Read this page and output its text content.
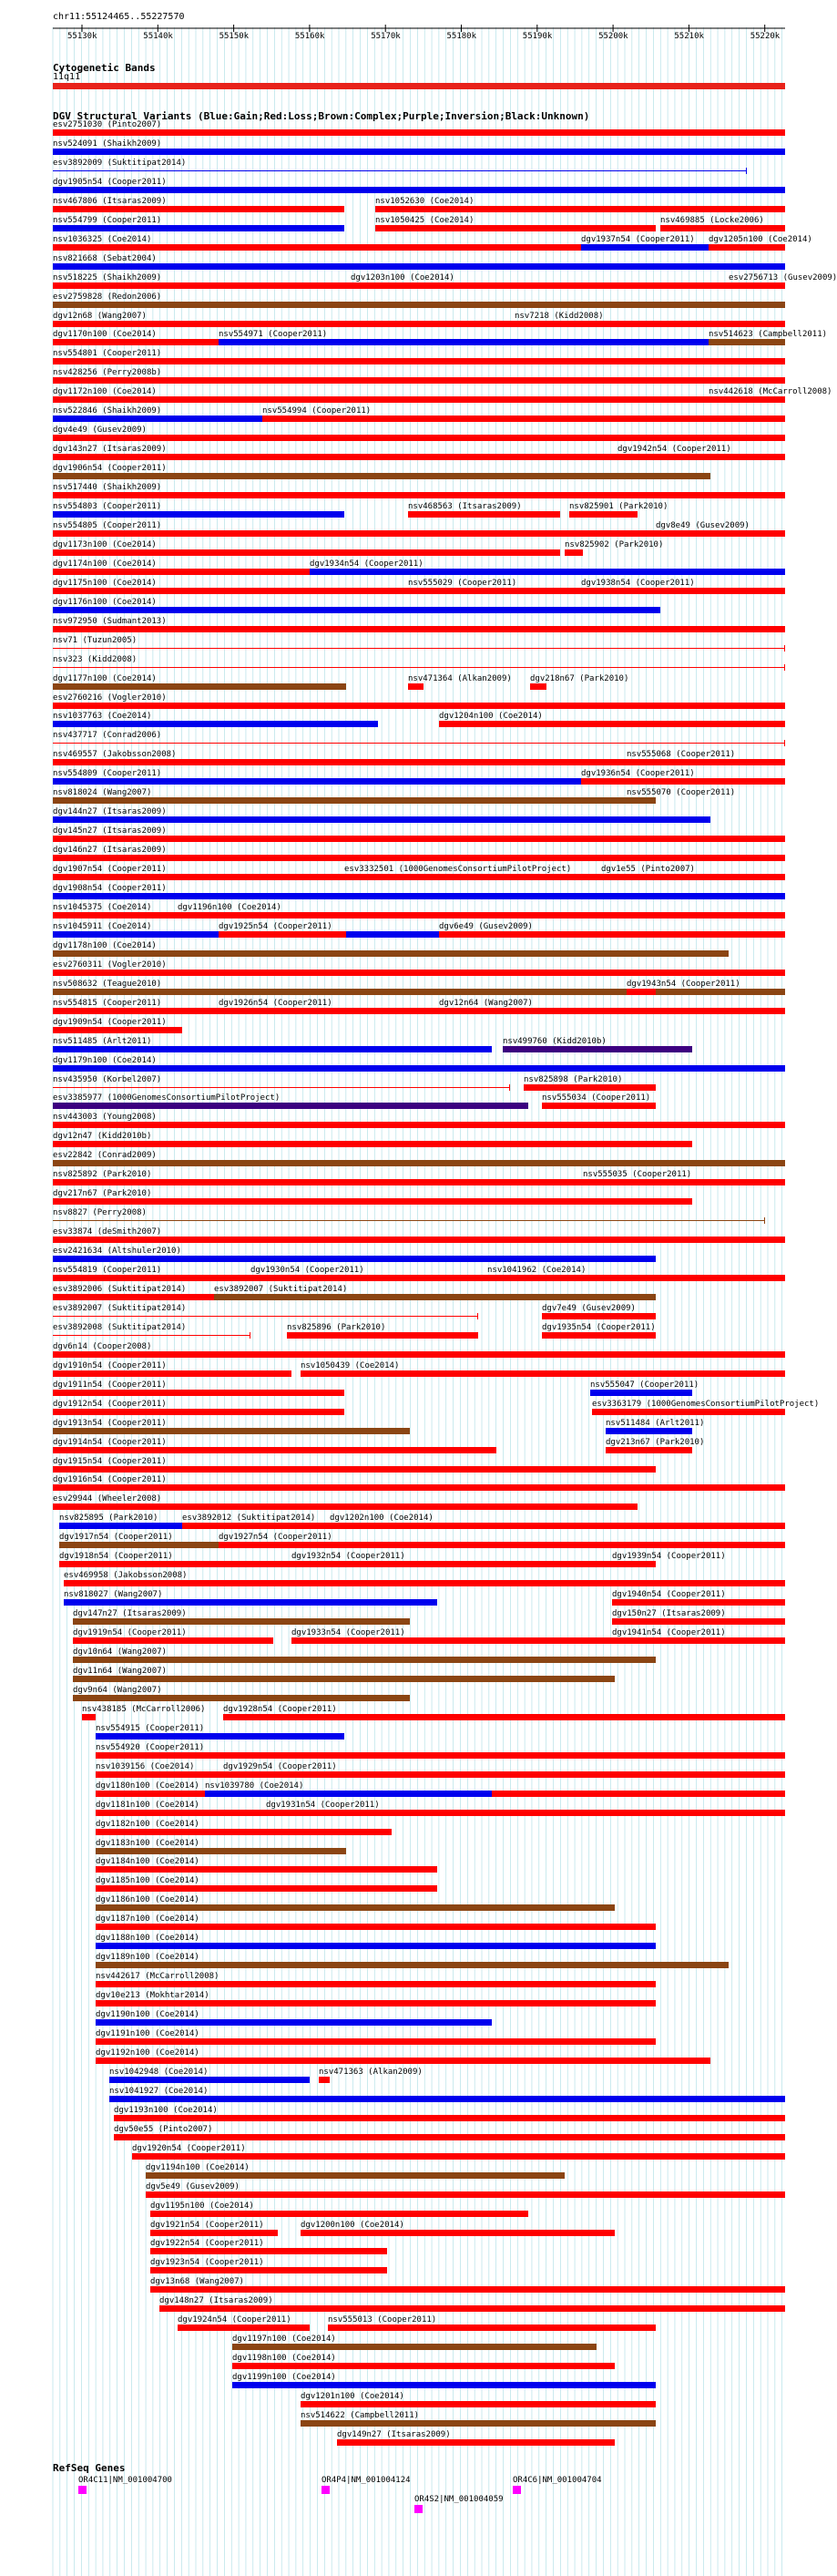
chr11:55124465..55227570
55130k	55140k	55150k	55160k	55170k	55180k	55190k	55200k	55210k	55220k
Cytogenetic Bands
11q11
DGV Structural Variants (Blue:Gain;Red:Loss;Brown:Complex;Purple;Inversion;Black:Unknown)
esv2751030 (Pinto2007)
nsv524091 (Shaikh2009)
esv3892009 (Suktitipat2014)
dgv1905n54 (Cooper2011)
nsv467806 (Itsaras2009)	nsv1052630 (Coe2014)
nsv554799 (Cooper2011)	nsv1050425 (Coe2014)	nsv469885 (Locke2006)
nsv1036325 (Coe2014)	dgv1937n54 (Cooper2011) dgv1205n100 (Coe2014)
nsv821668 (Sebat2004)
nsv518225 (Shaikh2009)	dgv1203n100 (Coe2014)	esv2756713 (Gusev2009)
esv2759828 (Redon2006)
dgv12n68 (Wang2007)	nsv7218 (Kidd2008)
dgv1170n100 (Coe2014)	nsv554971 (Cooper2011)	nsv514623 (Campbell2011)
nsv554801 (Cooper2011)
nsv428256 (Perry2008b)
dgv1172n100 (Coe2014)	nsv442618 (McCarroll2008)
nsv522846 (Shaikh2009)	nsv554994 (Cooper2011)
dgv4e49 (Gusev2009)
dgv143n27 (Itsaras2009)	dgv1942n54 (Cooper2011)
dgv1906n54 (Cooper2011)
nsv517440 (Shaikh2009)
nsv554803 (Cooper2011)	nsv468563 (Itsaras2009)	nsv825901 (Park2010)
nsv554805 (Cooper2011)	dgv8e49 (Gusev2009)
dgv1173n100 (Coe2014)	nsv825902 (Park2010)
dgv1174n100 (Coe2014)	dgv1934n54 (Cooper2011)
dgv1175n100 (Coe2014)	nsv555029 (Cooper2011)	dgv1938n54 (Cooper2011)
dgv1176n100 (Coe2014)
nsv972950 (Sudmant2013)
nsv71 (Tuzun2005)
nsv323 (Kidd2008)
dgv1177n100 (Coe2014)	nsv471364 (Alkan2009) dgv218n67 (Park2010)
esv2760216 (Vogler2010)
nsv1037763 (Coe2014)	dgv1204n100 (Coe2014)
nsv437717 (Conrad2006)
nsv469557 (Jakobsson2008)	nsv555068 (Cooper2011)
nsv554809 (Cooper2011)	dgv1936n54 (Cooper2011)
nsv818024 (Wang2007)	nsv555070 (Cooper2011)
dgv144n27 (Itsaras2009)
dgv145n27 (Itsaras2009)
dgv146n27 (Itsaras2009)
dgv1907n54 (Cooper2011)	esv3332501 (1000GenomesConsortiumPilotProject)	dgv1e55 (Pinto2007)
dgv1908n54 (Cooper2011)
nsv1045375 (Coe2014)	dgv1196n100 (Coe2014)
nsv1045911 (Coe2014)	dgv1925n54 (Cooper2011)	dgv6e49 (Gusev2009)
dgv1178n100 (Coe2014)
esv2760311 (Vogler2010)
nsv508632 (Teague2010)	dgv1943n54 (Cooper2011)
nsv554815 (Cooper2011)	dgv1926n54 (Cooper2011)	dgv12n64 (Wang2007)
dgv1909n54 (Cooper2011)
nsv511485 (Arlt2011)	nsv499760 (Kidd2010b)
dgv1179n100 (Coe2014)
nsv435950 (Korbel2007)	nsv825898 (Park2010)
esv3385977 (1000GenomesConsortiumPilotProject)	nsv555034 (Cooper2011)
nsv443003 (Young2008)
dgv12n47 (Kidd2010b)
esv22842 (Conrad2009)
nsv825892 (Park2010)	nsv555035 (Cooper2011)
dgv217n67 (Park2010)
nsv8827 (Perry2008)
esv33874 (deSmith2007)
esv2421634 (Altshuler2010)
nsv554819 (Cooper2011)	dgv1930n54 (Cooper2011)	nsv1041962 (Coe2014)
esv3892006 (Suktitipat2014)	esv3892007 (Suktitipat2014)
esv3892007 (Suktitipat2014)	dgv7e49 (Gusev2009)
esv3892008 (Suktitipat2014)	nsv825896 (Park2010)	dgv1935n54 (Cooper2011)
dgv6n14 (Cooper2008)
dgv1910n54 (Cooper2011)	nsv1050439 (Coe2014)
dgv1911n54 (Cooper2011)	nsv555047 (Cooper2011)
dgv1912n54 (Cooper2011)	esv3363179 (1000GenomesConsortiumPilotProject)
dgv1913n54 (Cooper2011)	nsv511484 (Arlt2011)
dgv1914n54 (Cooper2011)	dgv213n67 (Park2010)
dgv1915n54 (Cooper2011)
dgv1916n54 (Cooper2011)
esv29944 (Wheeler2008)
nsv825895 (Park2010)	esv3892012 (Suktitipat2014) dgv1202n100 (Coe2014)
dgv1917n54 (Cooper2011)	dgv1927n54 (Cooper2011)
dgv1918n54 (Cooper2011)	dgv1932n54 (Cooper2011)	dgv1939n54 (Cooper2011)
esv469958 (Jakobsson2008)
nsv818027 (Wang2007)	dgv1940n54 (Cooper2011)
dgv147n27 (Itsaras2009)	dgv150n27 (Itsaras2009)
dgv1919n54 (Cooper2011)	dgv1933n54 (Cooper2011)	dgv1941n54 (Cooper2011)
dgv10n64 (Wang2007)
dgv11n64 (Wang2007)
dgv9n64 (Wang2007)
nsv438185 (McCarroll2006) dgv1928n54 (Cooper2011)
nsv554915 (Cooper2011)
nsv554920 (Cooper2011)
nsv1039156 (Coe2014)	dgv1929n54 (Cooper2011)
dgv1180n100 (Coe2014) nsv1039780 (Coe2014)
dgv1181n100 (Coe2014)	dgv1931n54 (Cooper2011)
dgv1182n100 (Coe2014)
dgv1183n100 (Coe2014)
dgv1184n100 (Coe2014)
dgv1185n100 (Coe2014)
dgv1186n100 (Coe2014)
dgv1187n100 (Coe2014)
dgv1188n100 (Coe2014)
dgv1189n100 (Coe2014)
nsv442617 (McCarroll2008)
dgv10e213 (Mokhtar2014)
dgv1190n100 (Coe2014)
dgv1191n100 (Coe2014)
dgv1192n100 (Coe2014)
nsv1042948 (Coe2014)	nsv471363 (Alkan2009)
nsv1041927 (Coe2014)
dgv1193n100 (Coe2014)
dgv50e55 (Pinto2007)
dgv1920n54 (Cooper2011)
dgv1194n100 (Coe2014)
dgv5e49 (Gusev2009)
dgv1195n100 (Coe2014)
dgv1921n54 (Cooper2011)	dgv1200n100 (Coe2014)
dgv1922n54 (Cooper2011)
dgv1923n54 (Cooper2011)
dgv13n68 (Wang2007)
dgv148n27 (Itsaras2009)
dgv1924n54 (Cooper2011)	nsv555013 (Cooper2011)
dgv1197n100 (Coe2014)
dgv1198n100 (Coe2014)
dgv1199n100 (Coe2014)
dgv1201n100 (Coe2014)
nsv514622 (Campbell2011)
dgv149n27 (Itsaras2009)
RefSeq Genes
OR4C11|NM_001004700	OR4P4|NM_001004124
OR4S2|NM_001004059
OR4C6|NM_001004704
